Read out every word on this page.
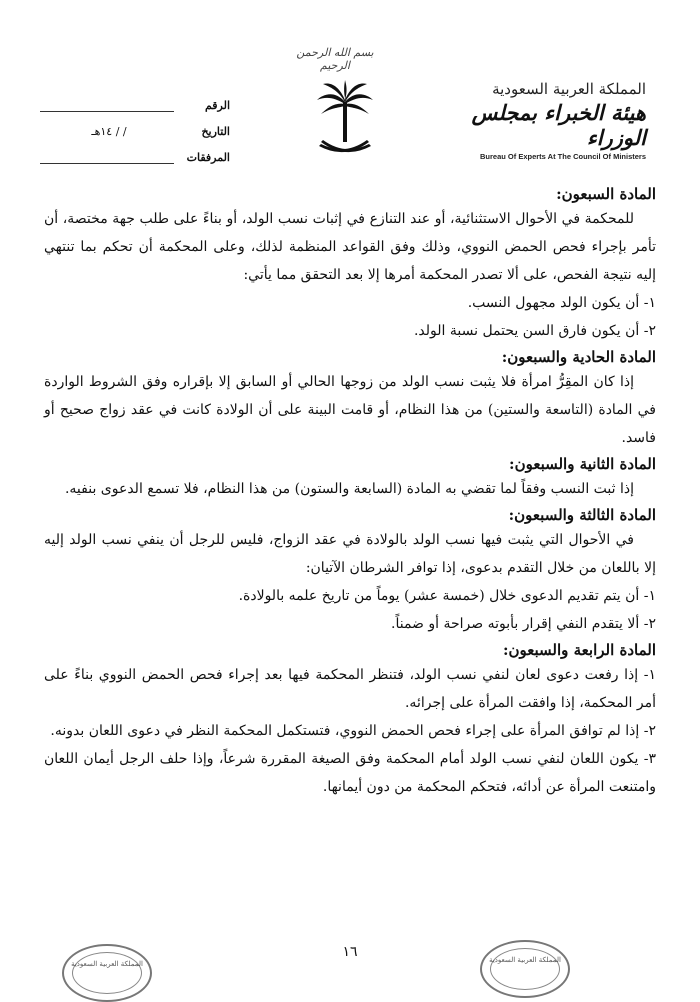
بسم الله الرحمن الرحيم
المملكة العربية السعودية
هيئة الخبراء بمجلس الوزراء
Bureau Of Experts At The Council Of Ministers
الرقم
التاريخ
/ / ١٤هـ
المرفقات
المادة السبعون:

للمحكمة في الأحوال الاستثنائية، أو عند التنازع في إثبات نسب الولد، أو بناءً على طلب جهة مختصة، أن تأمر بإجراء فحص الحمض النووي، وذلك وفق القواعد المنظمة لذلك، وعلى المحكمة أن تحكم بما تنتهي إليه نتيجة الفحص، على ألا تصدر المحكمة أمرها إلا بعد التحقق مما يأتي:

١- أن يكون الولد مجهول النسب.

٢- أن يكون فارق السن يحتمل نسبة الولد.

المادة الحادية والسبعون:

إذا كان المقِرُّ امرأة فلا يثبت نسب الولد من زوجها الحالي أو السابق إلا بإقراره وفق الشروط الواردة في المادة (التاسعة والستين) من هذا النظام، أو قامت البينة على أن الولادة كانت في عقد زواج صحيح أو فاسد.

المادة الثانية والسبعون:

إذا ثبت النسب وفقاً لما تقضي به المادة (السابعة والستون) من هذا النظام، فلا تسمع الدعوى بنفيه.

المادة الثالثة والسبعون:

في الأحوال التي يثبت فيها نسب الولد بالولادة في عقد الزواج، فليس للرجل أن ينفي نسب الولد إليه إلا باللعان من خلال التقدم بدعوى، إذا توافر الشرطان الآتيان:

١- أن يتم تقديم الدعوى خلال (خمسة عشر) يوماً من تاريخ علمه بالولادة.

٢- ألا يتقدم النفي إقرار بأبوته صراحة أو ضمناً.

المادة الرابعة والسبعون:

١- إذا رفعت دعوى لعان لنفي نسب الولد، فتنظر المحكمة فيها بعد إجراء فحص الحمض النووي بناءً على أمر المحكمة، إذا وافقت المرأة على إجرائه.

٢- إذا لم توافق المرأة على إجراء فحص الحمض النووي، فتستكمل المحكمة النظر في دعوى اللعان بدونه.

٣- يكون اللعان لنفي نسب الولد أمام المحكمة وفق الصيغة المقررة شرعاً، وإذا حلف الرجل أيمان اللعان وامتنعت المرأة عن أدائه، فتحكم المحكمة من دون أيمانها.

١٦
المملكة العربية السعودية	المملكة العربية السعودية
